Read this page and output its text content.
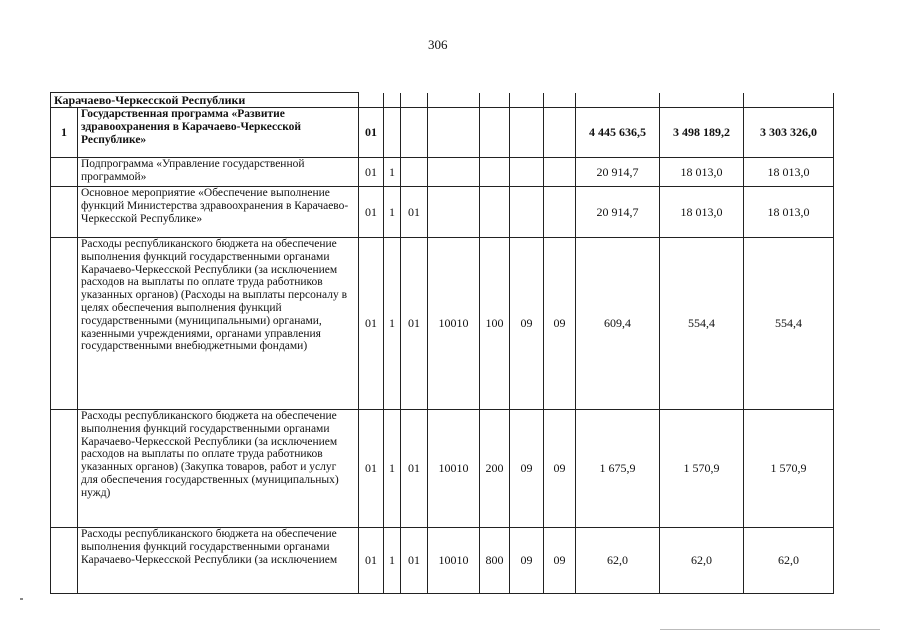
306
Карачаево-Черкесской Республики											
1	Государственная программа «Развитие здравоохранения в Карачаево-Черкесской Республике»	01							4 445 636,5	3 498 189,2	3 303 326,0
	Подпрограмма «Управление государственной программой»	01	1						20 914,7	18 013,0	18 013,0
	Основное мероприятие «Обеспечение выполнение функций Министерства здравоохранения в Карачаево-Черкесской Республике»	01	1	01					20 914,7	18 013,0	18 013,0
	Расходы республиканского бюджета на обеспечение выполнения функций государственными органами Карачаево-Черкесской Республики (за исключением расходов на выплаты по оплате труда работников указанных органов) (Расходы на выплаты персоналу в целях обеспечения выполнения функций государственными (муниципальными) органами, казенными учреждениями, органами управления государственными внебюджетными фондами)	01	1	01	10010	100	09	09	609,4	554,4	554,4
	Расходы республиканского бюджета на обеспечение выполнения функций государственными органами Карачаево-Черкесской Республики (за исключением расходов на выплаты по оплате труда работников указанных органов) (Закупка товаров, работ и услуг для обеспечения государственных (муниципальных) нужд)	01	1	01	10010	200	09	09	1 675,9	1 570,9	1 570,9
	Расходы республиканского бюджета на обеспечение выполнения функций государственными органами Карачаево-Черкесской Республики (за исключением	01	1	01	10010	800	09	09	62,0	62,0	62,0
